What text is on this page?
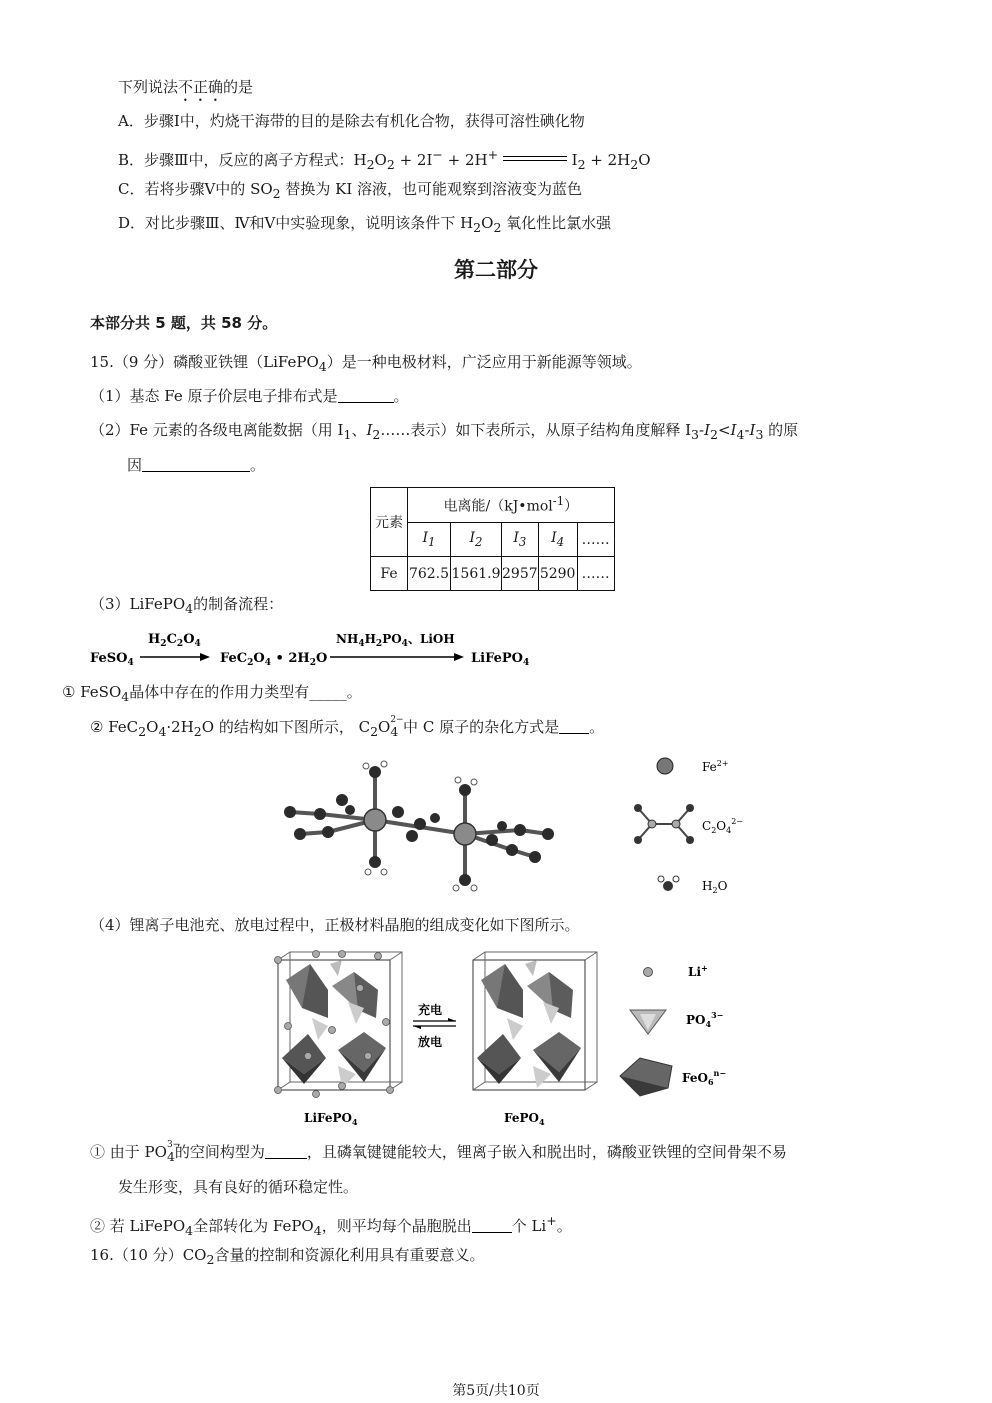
下列说法不正确的是
A．步骤Ⅰ中，灼烧干海带的目的是除去有机化合物，获得可溶性碘化物
B．步骤Ⅲ中，反应的离子方程式：$H_2O_2 + 2I^- + 2H^+$	$I_2 + 2H_2O$
C．若将步骤Ⅴ中的 $SO_2$ 替换为 KI 溶液，也可能观察到溶液变为蓝色
D．对比步骤Ⅲ、Ⅳ和Ⅴ中实验现象，说明该条件下 $H_2O_2$ 氧化性比氯水强
第二部分
本部分共 5 题，共 58 分。
15.（9 分）磷酸亚铁锂（LiFePO$_4$）是一种电极材料，广泛应用于新能源等领域。
（1）基态 Fe 原子价层电子排布式是	。
（2）Fe 元素的各级电离能数据（用 $I_1$、$I_2\dots\dots$表示）如下表所示，从原子结构角度解释 $I_3-I_2<I_4-I_3$ 的原
因	。
元素	电离能/（kJ•mol$^{-1}$）				
	$I_1$	$I_2$	$I_3$	$I_4$	……
Fe	762.5	1561.9	2957	5290	……
（3）LiFePO$_4$的制备流程：
FeSO$_4$
$H_2C_2O_4$
$FeC_2O_4$ • $2H_2O$
$NH_4H_2PO_4$、LiOH
LiFePO$_4$
① FeSO$_4$晶体中存在的作用力类型有_____。
② $FeC_2O_4\cdot 2H_2O$ 的结构如下图所示， $C_2O$ $_{2- 4}$ 中 C 原子的杂化方式是 。
$Fe^{2+}$
$C_2O_4^{2-}$
$H_2O$
（4）锂离子电池充、放电过程中，正极材料晶胞的组成变化如下图所示。
LiFePO$_4$
充电
放电
FePO$_4$
Li+
$PO_4^{3-}$
FeO$_6^{n-}$
① 由于 PO $_{3- 4}$的空间构型为	，且磷氧键键能较大，锂离子嵌入和脱出时，磷酸亚铁锂的空间骨架不易
发生形变，具有良好的循环稳定性。
② 若 LiFePO$_4$全部转化为 FePO$_4$，则平均每个晶胞脱出	个 Li+。
16.（10 分）$CO_2$含量的控制和资源化利用具有重要意义。
第5页/共10页
